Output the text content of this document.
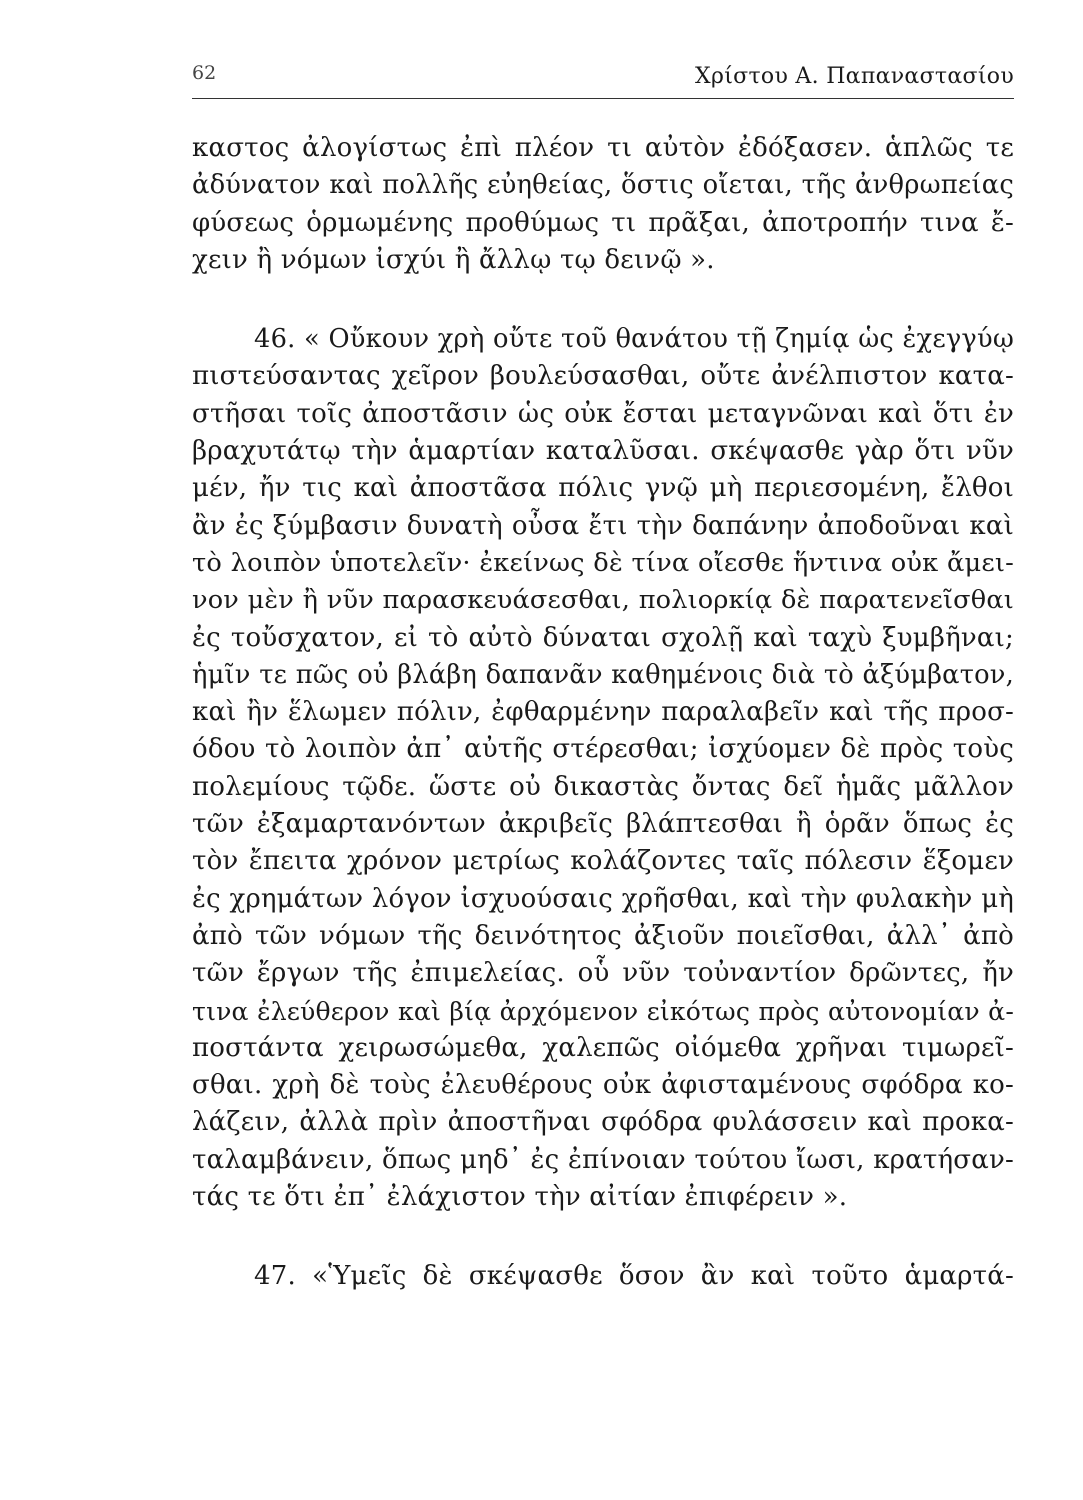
62	Χρίστου Α. Παπαναστασίου

καστος ἀλογίστως ἐπὶ πλέον τι αὐτὸν ἐδόξασεν. ἁπλῶς τε
ἀδύνατον καὶ πολλῆς εὐηθείας, ὅστις οἴεται, τῆς ἀνθρωπείας
φύσεως ὁρμωμένης προθύμως τι πρᾶξαι, ἀποτροπήν τινα ἔ-
χειν ἢ νόμων ἰσχύι ἢ ἄλλῳ τῳ δεινῷ ».

46. « Οὔκουν χρὴ οὔτε τοῦ θανάτου τῇ ζημίᾳ ὡς ἐχεγγύῳ
πιστεύσαντας χεῖρον βουλεύσασθαι, οὔτε ἀνέλπιστον κατα-
στῆσαι τοῖς ἀποστᾶσιν ὡς οὐκ ἔσται μεταγνῶναι καὶ ὅτι ἐν
βραχυτάτῳ τὴν ἁμαρτίαν καταλῦσαι. σκέψασθε γὰρ ὅτι νῦν
μέν, ἤν τις καὶ ἀποστᾶσα πόλις γνῷ μὴ περιεσομένη, ἔλθοι
ἂν ἐς ξύμβασιν δυνατὴ οὖσα ἔτι τὴν δαπάνην ἀποδοῦναι καὶ
τὸ λοιπὸν ὑποτελεῖν· ἐκείνως δὲ τίνα οἴεσθε ἥντινα οὐκ ἄμει-
νον μὲν ἢ νῦν παρασκευάσεσθαι, πολιορκίᾳ δὲ παρατενεῖσθαι
ἐς τοὔσχατον, εἰ τὸ αὐτὸ δύναται σχολῇ καὶ ταχὺ ξυμβῆναι;
ἡμῖν τε πῶς οὐ βλάβη δαπανᾶν καθημένοις διὰ τὸ ἀξύμβατον,
καὶ ἢν ἕλωμεν πόλιν, ἐφθαρμένην παραλαβεῖν καὶ τῆς προσ-
όδου τὸ λοιπὸν ἀπ᾽ αὐτῆς στέρεσθαι; ἰσχύομεν δὲ πρὸς τοὺς
πολεμίους τῷδε. ὥστε οὐ δικαστὰς ὄντας δεῖ ἡμᾶς μᾶλλον
τῶν ἐξαμαρτανόντων ἀκριβεῖς βλάπτεσθαι ἢ ὁρᾶν ὅπως ἐς
τὸν ἔπειτα χρόνον μετρίως κολάζοντες ταῖς πόλεσιν ἕξομεν
ἐς χρημάτων λόγον ἰσχυούσαις χρῆσθαι, καὶ τὴν φυλακὴν μὴ
ἀπὸ τῶν νόμων τῆς δεινότητος ἀξιοῦν ποιεῖσθαι, ἀλλ᾽ ἀπὸ
τῶν ἔργων τῆς ἐπιμελείας. οὗ νῦν τοὐναντίον δρῶντες, ἤν
τινα ἐλεύθερον καὶ βίᾳ ἀρχόμενον εἰκότως πρὸς αὐτονομίαν ἀ-
ποστάντα χειρωσώμεθα, χαλεπῶς οἰόμεθα χρῆναι τιμωρεῖ-
σθαι. χρὴ δὲ τοὺς ἐλευθέρους οὐκ ἀφισταμένους σφόδρα κο-
λάζειν, ἀλλὰ πρὶν ἀποστῆναι σφόδρα φυλάσσειν καὶ προκα-
ταλαμβάνειν, ὅπως μηδ᾽ ἐς ἐπίνοιαν τούτου ἴωσι, κρατήσαν-
τάς τε ὅτι ἐπ᾽ ἐλάχιστον τὴν αἰτίαν ἐπιφέρειν ».

47. «Ὑμεῖς δὲ σκέψασθε ὅσον ἂν καὶ τοῦτο ἁμαρτά-
